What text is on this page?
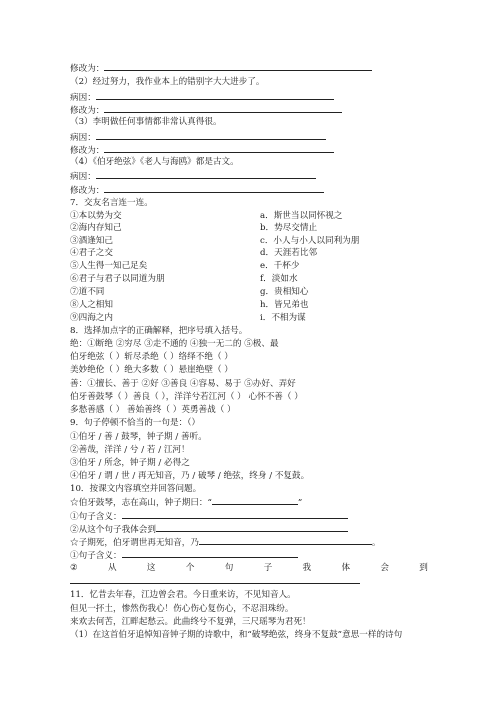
修改为：
（2）经过努力，我作业本上的错别字大大进步了。
病因：
修改为：
（3）李明做任何事情都非常认真得很。
病因：
修改为：
（4）《伯牙绝弦》《老人与海鸥》都是古文。
病因：
修改为：
7．交友名言连一连。
①本以势为交	a．斯世当以同怀视之
②海内存知己	b．势尽交情止
③酒逢知己	c．小人与小人以同利为朋
④君子之交	d．天涯若比邻
⑤人生得一知己足矣	e．千杯少
⑥君子与君子以同道为朋	f．淡如水
⑦道不同	g．贵相知心
⑧人之相知	h．皆兄弟也
⑨四海之内	i．不相为谋
8．选择加点字的正确解释，把序号填入括号。
绝：①断绝 ②穷尽 ③走不通的 ④独一无二的 ⑤极、最
伯牙绝弦（ ）斩尽杀绝（ ）络绎不绝（ ）
美妙绝伦（ ）绝大多数（ ）悬崖绝壁（ ）
善：①擅长、善于 ②好 ③善良 ④容易、易于 ⑤办好、弄好
伯牙善鼓琴（ ）善良（ ），洋洋兮若江河（ ） 心怀不善（ ）
多愁善感（ ） 善始善终（ ）英勇善战（ ）
9．句子停顿不恰当的一句是：（）
①伯牙 / 善 / 鼓琴，钟子期 / 善听。
②善哉，洋洋 / 兮 / 若 / 江河！
③伯牙 / 所念，钟子期 / 必得之
④伯牙 / 谓 / 世 / 再无知音，乃 / 破琴 / 绝弦，终身 / 不复鼓。
10．按课文内容填空并回答问题。
☆伯牙鼓琴，志在高山，钟子期曰：“	”
①句子含义：
②从这个句子我体会到
☆子期死，伯牙谓世再无知音，乃	。
①句子含义：
②	从	这	个	句	子	我	体	会	到
11．忆昔去年春，江边曾会君。今日重来访，不见知音人。
但见一抔土，惨然伤我心！伤心伤心复伤心，不忍泪珠纷。
来欢去何苦，江畔起愁云。此曲终兮不复弹，三尺瑶琴为君死！
（1）在这首伯牙追悼知音钟子期的诗歌中，和“破琴绝弦，终身不复鼓”意思一样的诗句
